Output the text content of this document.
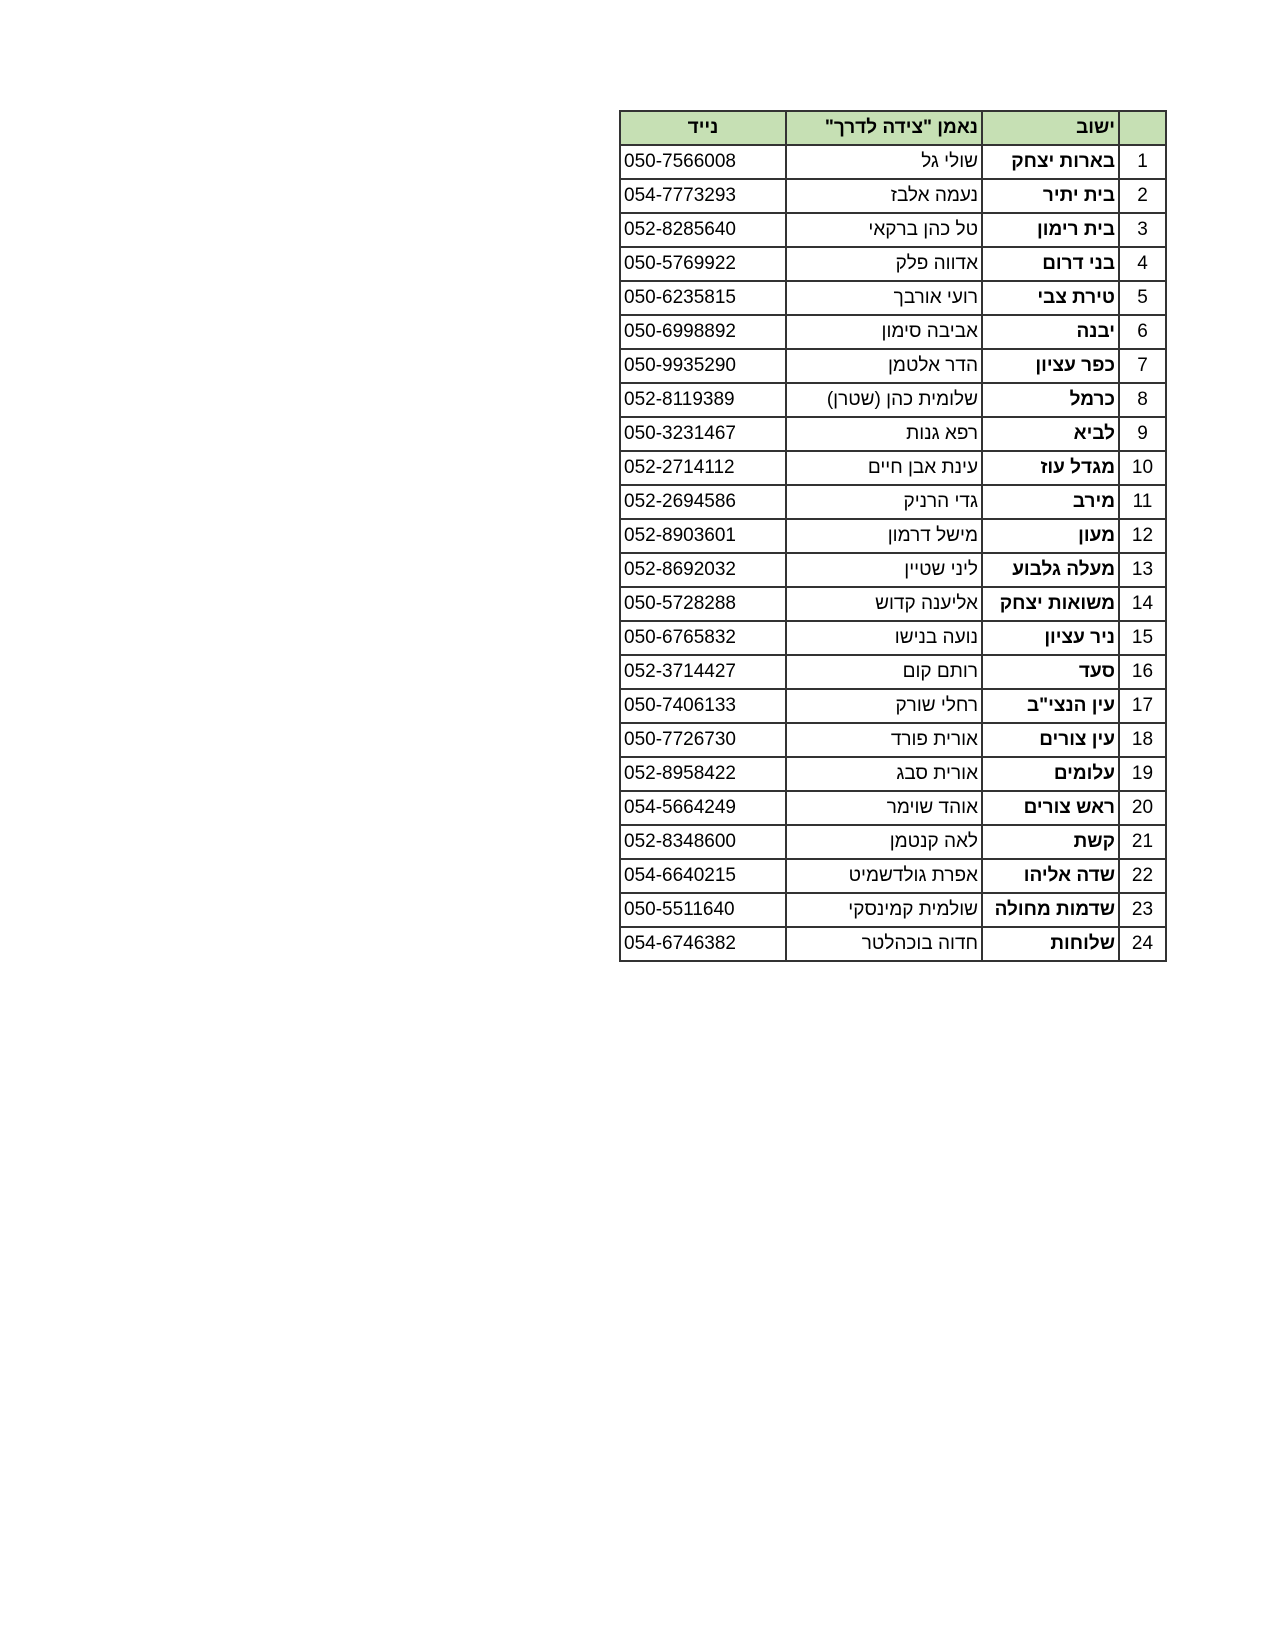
נייד	נאמן "צידה לדרך"	ישוב	
050-7566008	שולי גל	בארות יצחק	1
054-7773293	נעמה אלבז	בית יתיר	2
052-8285640	טל כהן ברקאי	בית רימון	3
050-5769922	אדווה פלק	בני דרום	4
050-6235815	רועי אורבך	טירת צבי	5
050-6998892	אביבה סימון	יבנה	6
050-9935290	הדר אלטמן	כפר עציון	7
052-8119389	שלומית כהן (שטרן)	כרמל	8
050-3231467	רפא גנות	לביא	9
052-2714112	עינת אבן חיים	מגדל עוז	10
052-2694586	גדי הרניק	מירב	11
052-8903601	מישל דרמון	מעון	12
052-8692032	ליני שטיין	מעלה גלבוע	13
050-5728288	אליענה קדוש	משואות יצחק	14
050-6765832	נועה בנישו	ניר עציון	15
052-3714427	רותם קום	סעד	16
050-7406133	רחלי שורק	עין הנצי"ב	17
050-7726730	אורית פורד	עין צורים	18
052-8958422	אורית סבג	עלומים	19
054-5664249	אוהד שוימר	ראש צורים	20
052-8348600	לאה קנטמן	קשת	21
054-6640215	אפרת גולדשמיט	שדה אליהו	22
050-5511640	שולמית קמינסקי	שדמות מחולה	23
054-6746382	חדוה בוכהלטר	שלוחות	24
